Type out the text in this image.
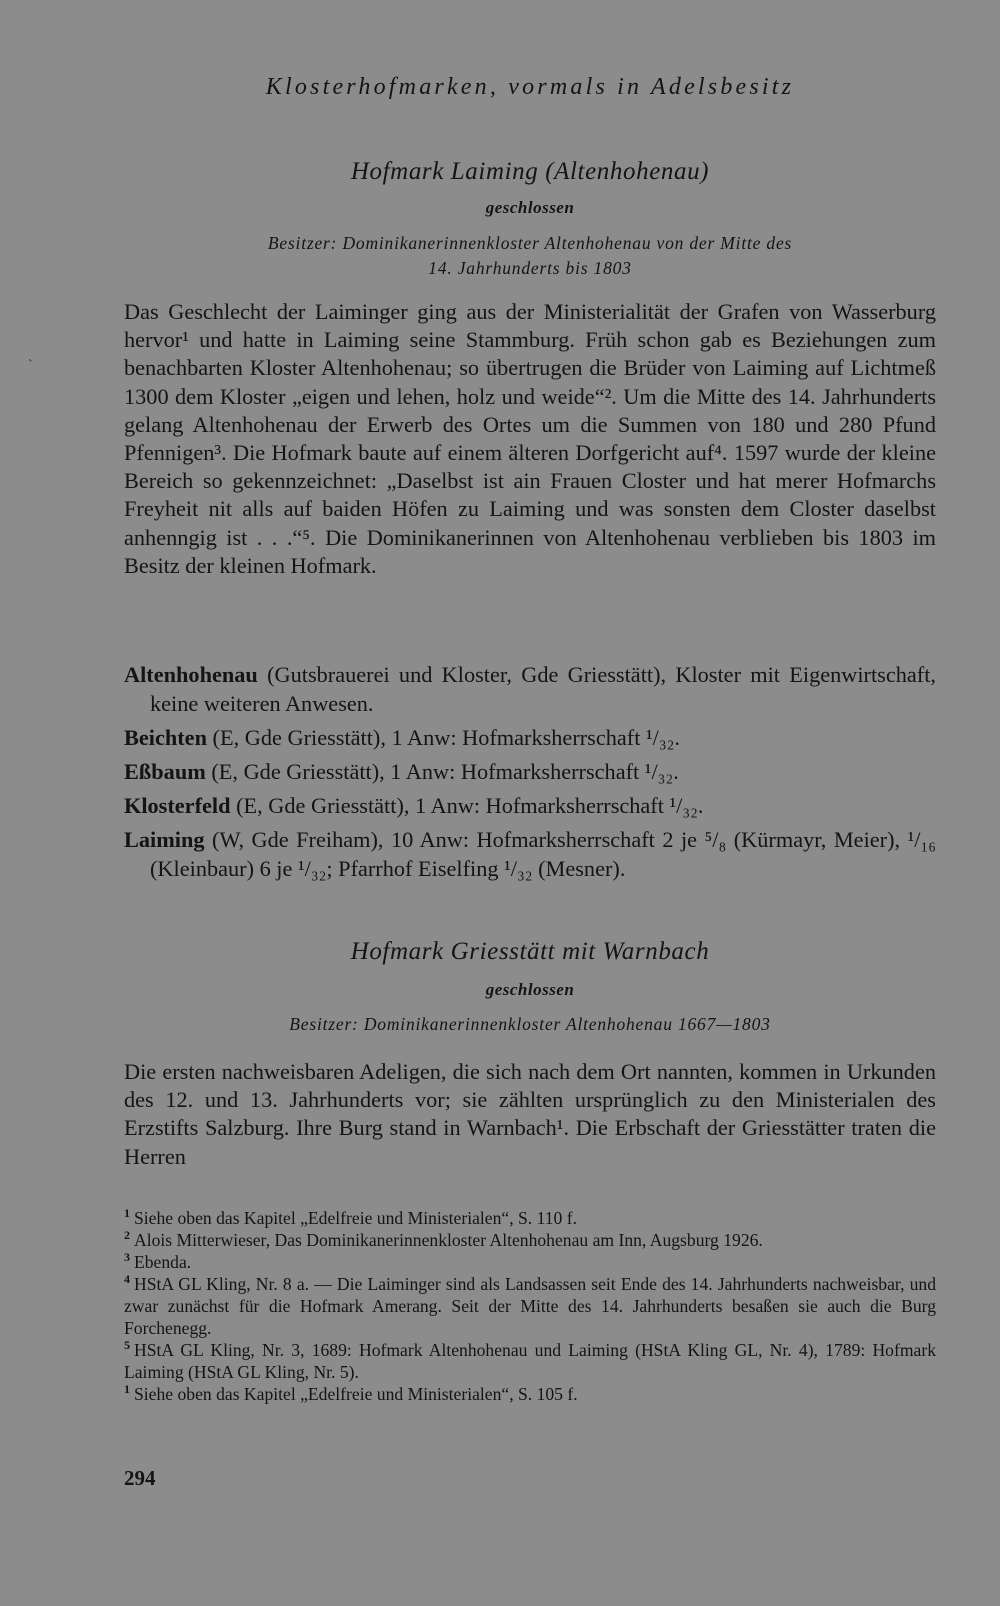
ˋ
Klosterhofmarken, vormals in Adelsbesitz
Hofmark Laiming (Altenhohenau)
geschlossen
Besitzer: Dominikanerinnenkloster Altenhohenau von der Mitte des
14. Jahrhunderts bis 1803
Das Geschlecht der Laiminger ging aus der Ministerialität der Grafen von Wasserburg hervor¹ und hatte in Laiming seine Stammburg. Früh schon gab es Beziehungen zum benachbarten Kloster Altenhohenau; so übertrugen die Brüder von Laiming auf Lichtmeß 1300 dem Kloster „eigen und lehen, holz und weide“². Um die Mitte des 14. Jahrhunderts gelang Altenhohenau der Erwerb des Ortes um die Summen von 180 und 280 Pfund Pfennigen³. Die Hofmark baute auf einem älteren Dorfgericht auf⁴. 1597 wurde der kleine Bereich so gekennzeichnet: „Daselbst ist ain Frauen Closter und hat merer Hofmarchs Freyheit nit alls auf baiden Höfen zu Laiming und was sonsten dem Closter daselbst anhenngig ist . . .“⁵. Die Dominikanerinnen von Altenhohenau verblieben bis 1803 im Besitz der kleinen Hofmark.
Altenhohenau (Gutsbrauerei und Kloster, Gde Griesstätt), Kloster mit Eigenwirtschaft, keine weiteren Anwesen.
Beichten (E, Gde Griesstätt), 1 Anw: Hofmarksherrschaft ¹/₃₂.
Eßbaum (E, Gde Griesstätt), 1 Anw: Hofmarksherrschaft ¹/₃₂.
Klosterfeld (E, Gde Griesstätt), 1 Anw: Hofmarksherrschaft ¹/₃₂.
Laiming (W, Gde Freiham), 10 Anw: Hofmarksherrschaft 2 je ⁵/₈ (Kürmayr, Meier), ¹/₁₆ (Kleinbaur) 6 je ¹/₃₂; Pfarrhof Eiselfing ¹/₃₂ (Mesner).
Hofmark Griesstätt mit Warnbach
geschlossen
Besitzer: Dominikanerinnenkloster Altenhohenau 1667—1803
Die ersten nachweisbaren Adeligen, die sich nach dem Ort nannten, kommen in Urkunden des 12. und 13. Jahrhunderts vor; sie zählten ursprünglich zu den Ministerialen des Erzstifts Salzburg. Ihre Burg stand in Warnbach¹. Die Erbschaft der Griesstätter traten die Herren
$^1$ Siehe oben das Kapitel „Edelfreie und Ministerialen“, S. 110 f.
$^2$ Alois Mitterwieser, Das Dominikanerinnenkloster Altenhohenau am Inn, Augsburg 1926.
$^3$ Ebenda.
$^4$ HStA GL Kling, Nr. 8 a. — Die Laiminger sind als Landsassen seit Ende des 14. Jahrhunderts nachweisbar, und zwar zunächst für die Hofmark Amerang. Seit der Mitte des 14. Jahrhunderts besaßen sie auch die Burg Forchenegg.
$^5$ HStA GL Kling, Nr. 3, 1689: Hofmark Altenhohenau und Laiming (HStA Kling GL, Nr. 4), 1789: Hofmark Laiming (HStA GL Kling, Nr. 5).
$^1$ Siehe oben das Kapitel „Edelfreie und Ministerialen“, S. 105 f.
294
